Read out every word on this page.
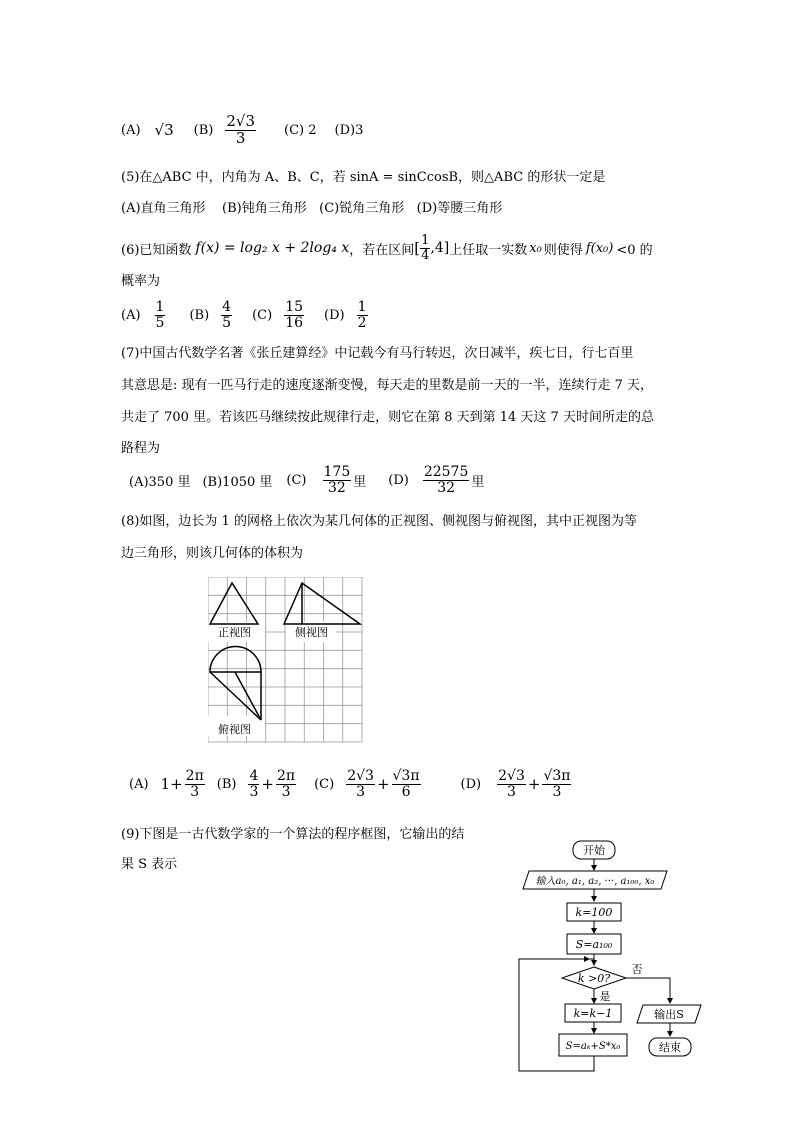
(A) √3 $(B) \frac{2√3}{3} (C)$ 2 (D)3
(5)在△ABC 中，内角为 A、B、C，若 sinA = sinCcosB，则△ABC 的形状一定是
(A)直角三角形    (B)钝角三角形   (C)锐角三角形   (D)等腰三角形
(6)已知函数 f(x) = log₂ x + 2log₄ x ，若在区间 [ $\frac{1}{4} ,4$] 上任取一实数 x₀ 则使得 f(x₀) <0 的
概率为
$(A) \frac{1}{5} (B) \frac{4}{5} (C) \frac{15}{16} (D) \frac{1}{2}$
(7)中国古代数学名著《张丘建算经》中记载今有马行转迟，次日减半，疾七日，行七百里
其意思是: 现有一匹马行走的速度逐渐变慢，每天走的里数是前一天的一半，连续行走 7 天，
共走了 700 里。若该匹马继续按此规律行走，则它在第 8 天到第 14 天这 7 天时间所走的总
路程为
(A)350 里 (B)1050 里 $(C) \frac{175}{32}$ 里 $(D) \frac{22575}{32}$ 里
(8)如图，边长为 1 的网格上依次为某几何体的正视图、侧视图与俯视图，其中正视图为等
边三角形，则该几何体的体积为
正视图	侧视图
俯视图
(A) $1+ \frac{2\pi}{3} (B) \frac{4}{3} + \frac{2\pi}{3} (C) \frac{2√3}{3} + \frac{√3\pi}{6}$	$(D) \frac{2√3}{3} + \frac{√3\pi}{3}$
(9)下图是一古代数学家的一个算法的程序框图，它输出的结
果 S 表示
开始
输入a₀, a₁, a₂, ···, a₁₀₀, x₀
k=100
S=a₁₀₀
k >0?
k=k−1
S=aₖ+S*x₀
输出S
结束
是
否
